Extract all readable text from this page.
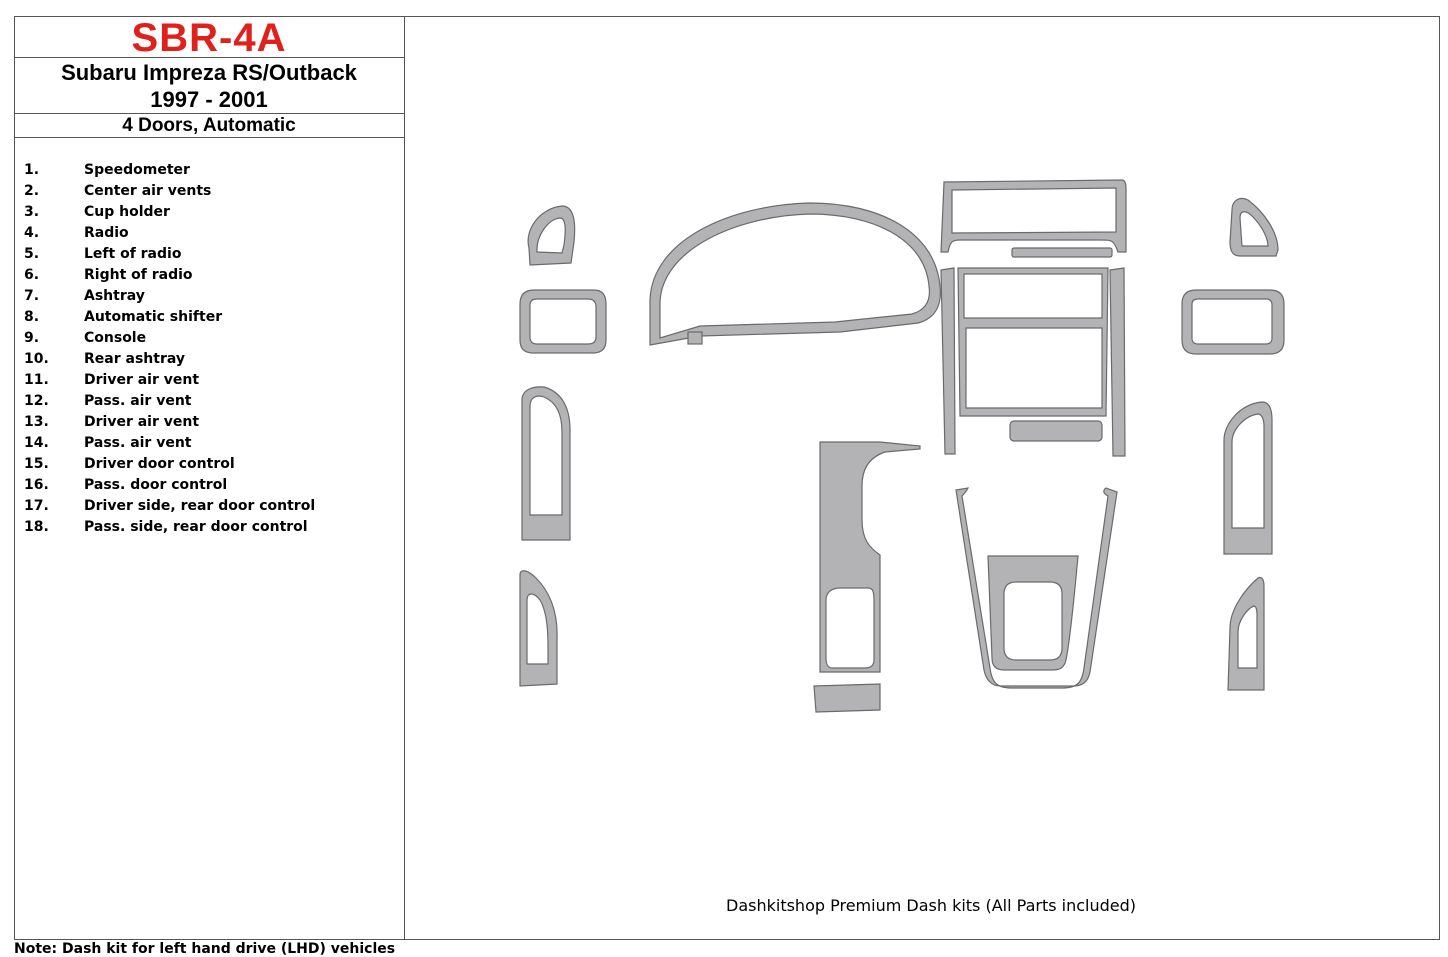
SBR-4A
Subaru Impreza RS/Outback
1997 - 2001
4 Doors, Automatic
1.	Speedometer
2.	Center air vents
3.	Cup holder
4.	Radio
5.	Left of radio
6.	Right of radio
7.	Ashtray
8.	Automatic shifter
9.	Console
10.	Rear ashtray
11.	Driver air vent
12.	Pass. air vent
13.	Driver air vent
14.	Pass. air vent
15.	Driver door control
16.	Pass. door control
17.	Driver side, rear door control
18.	Pass. side, rear door control
Dashkitshop Premium Dash kits (All Parts included)
Note: Dash kit for left hand drive (LHD) vehicles
